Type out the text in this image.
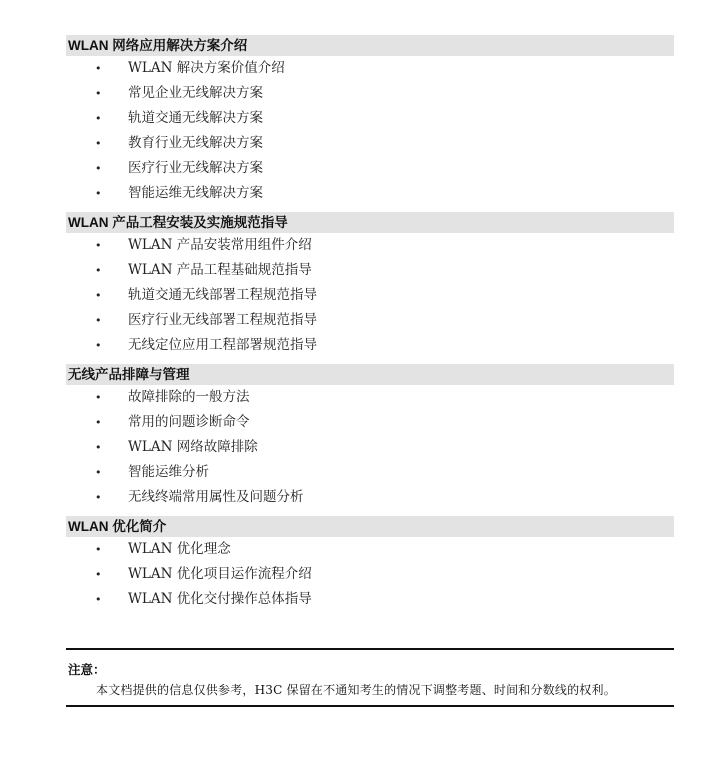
WLAN 网络应用解决方案介绍
• WLAN 解决方案价值介绍
• 常见企业无线解决方案
• 轨道交通无线解决方案
• 教育行业无线解决方案
• 医疗行业无线解决方案
• 智能运维无线解决方案
WLAN 产品工程安装及实施规范指导
• WLAN 产品安装常用组件介绍
• WLAN 产品工程基础规范指导
• 轨道交通无线部署工程规范指导
• 医疗行业无线部署工程规范指导
• 无线定位应用工程部署规范指导
无线产品排障与管理
• 故障排除的一般方法
• 常用的问题诊断命令
• WLAN 网络故障排除
• 智能运维分析
• 无线终端常用属性及问题分析
WLAN 优化简介
• WLAN 优化理念
• WLAN 优化项目运作流程介绍
• WLAN 优化交付操作总体指导
注意：
本文档提供的信息仅供参考，H3C 保留在不通知考生的情况下调整考题、时间和分数线的权利。
